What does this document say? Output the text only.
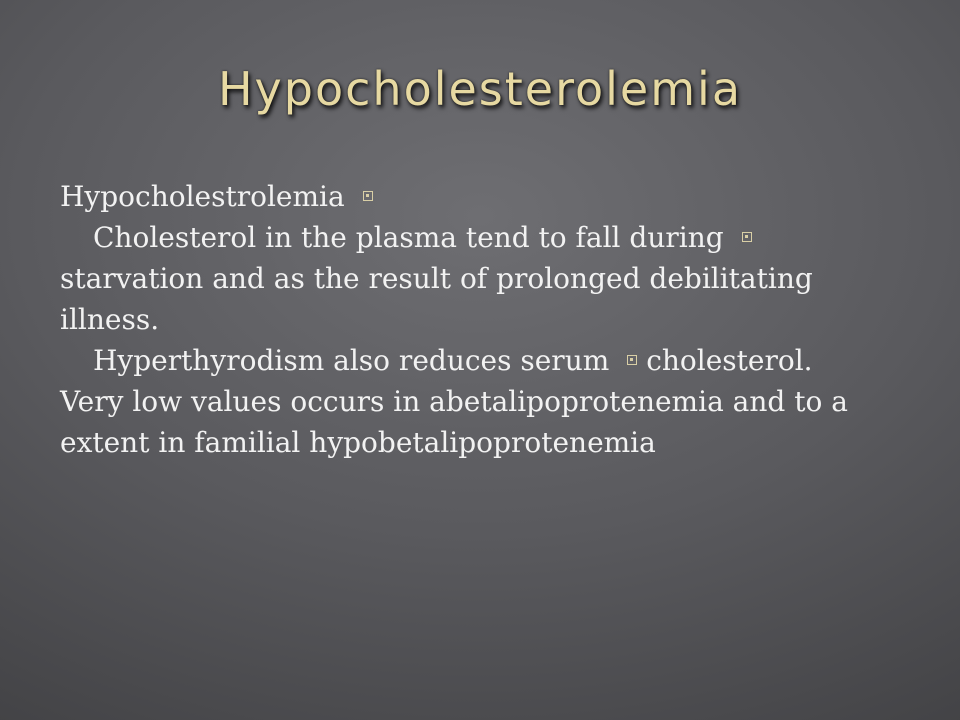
Hypocholesterolemia

Hypocholestrolemia

Cholesterol in the plasma tend to fall during starvation and as the result of prolonged debilitating illness.

Hyperthyrodism also reduces serum cholesterol. Very low values occurs in abetalipoprotenemia and to a extent in familial hypobetalipoprotenemia
